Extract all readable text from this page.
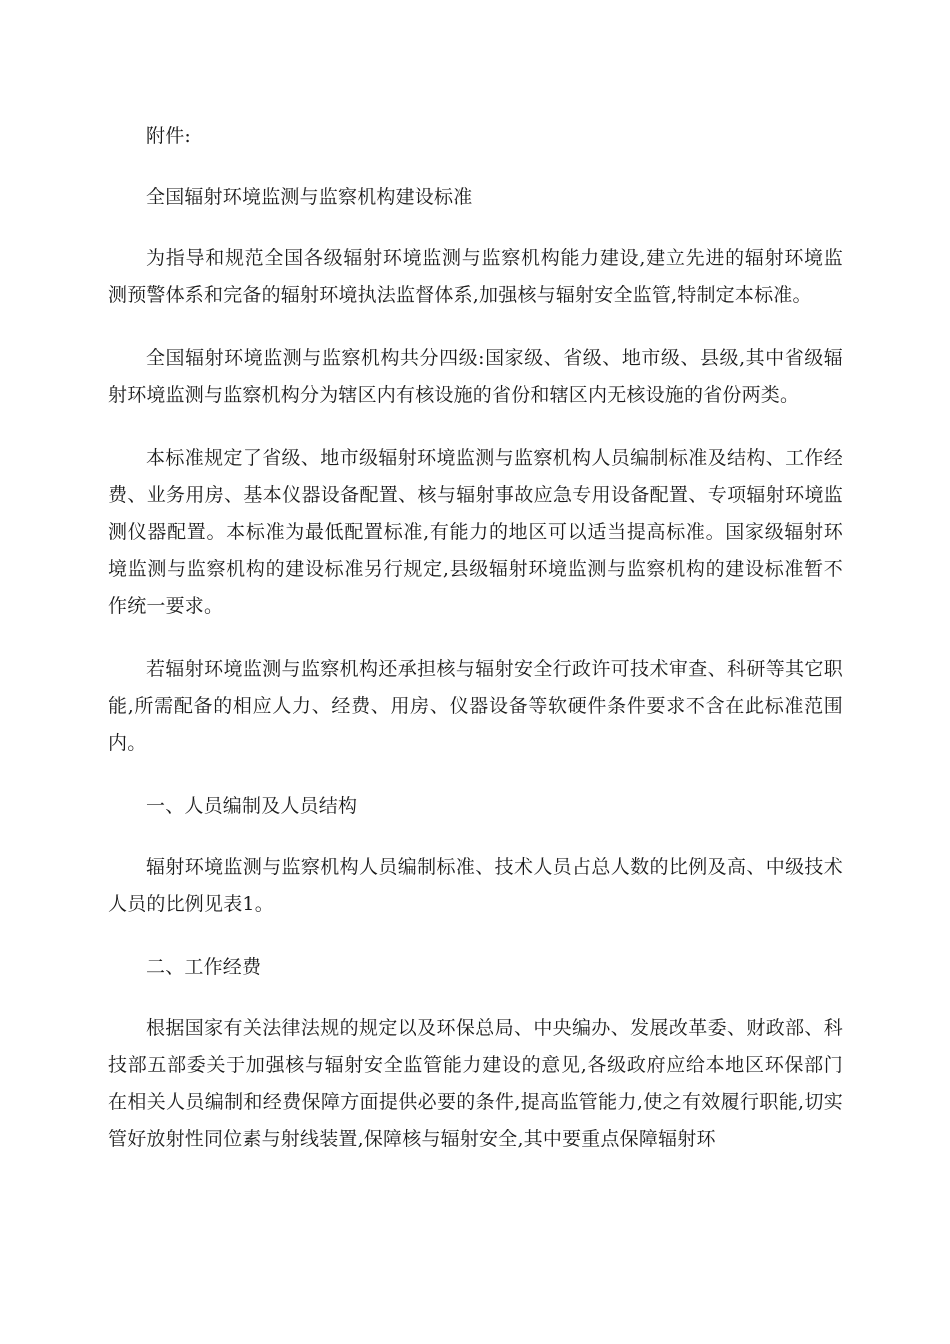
附件:

全国辐射环境监测与监察机构建设标准

为指导和规范全国各级辐射环境监测与监察机构能力建设,建立先进的辐射环境监测预警体系和完备的辐射环境执法监督体系,加强核与辐射安全监管,特制定本标准。

全国辐射环境监测与监察机构共分四级:国家级、省级、地市级、县级,其中省级辐射环境监测与监察机构分为辖区内有核设施的省份和辖区内无核设施的省份两类。

本标准规定了省级、地市级辐射环境监测与监察机构人员编制标准及结构、工作经费、业务用房、基本仪器设备配置、核与辐射事故应急专用设备配置、专项辐射环境监测仪器配置。本标准为最低配置标准,有能力的地区可以适当提高标准。国家级辐射环境监测与监察机构的建设标准另行规定,县级辐射环境监测与监察机构的建设标准暂不作统一要求。

若辐射环境监测与监察机构还承担核与辐射安全行政许可技术审查、科研等其它职能,所需配备的相应人力、经费、用房、仪器设备等软硬件条件要求不含在此标准范围内。

一、人员编制及人员结构

辐射环境监测与监察机构人员编制标准、技术人员占总人数的比例及高、中级技术人员的比例见表1。

二、工作经费

根据国家有关法律法规的规定以及环保总局、中央编办、发展改革委、财政部、科技部五部委关于加强核与辐射安全监管能力建设的意见,各级政府应给本地区环保部门在相关人员编制和经费保障方面提供必要的条件,提高监管能力,使之有效履行职能,切实管好放射性同位素与射线装置,保障核与辐射安全,其中要重点保障辐射环
